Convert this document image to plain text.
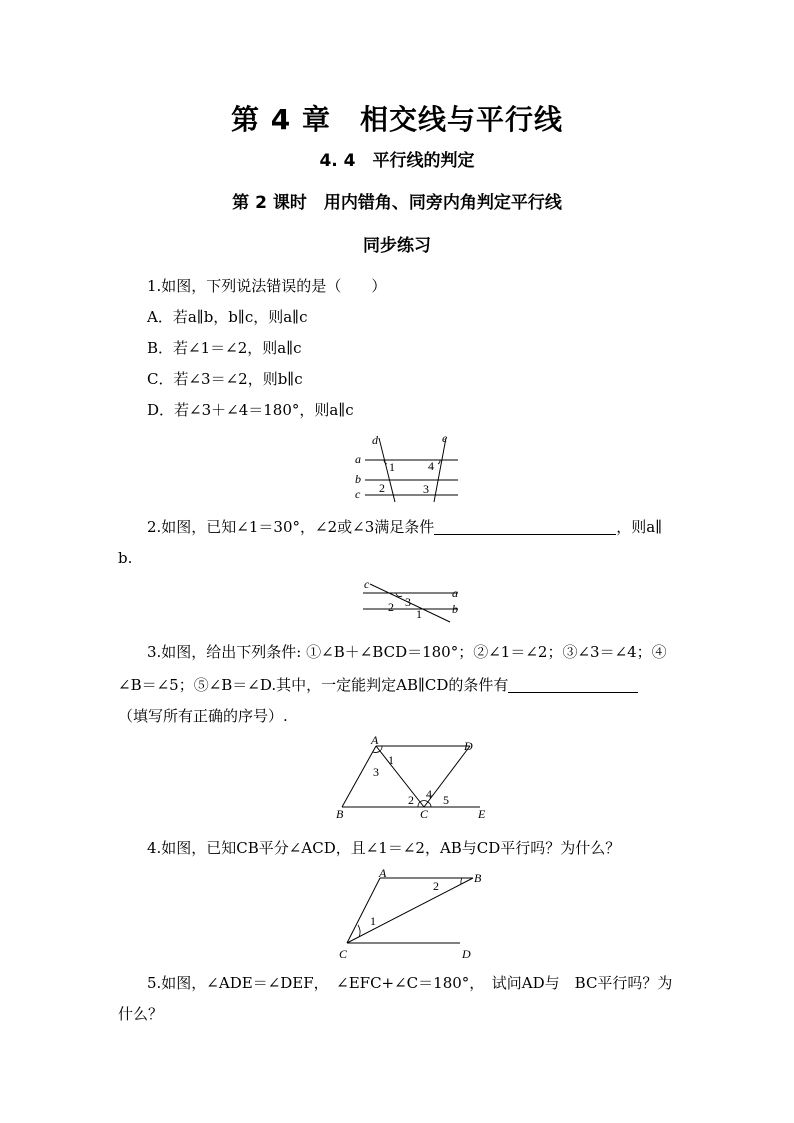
第 4 章　相交线与平行线
4. 4　平行线的判定
第 2 课时　用内错角、同旁内角判定平行线
同步练习
1.如图，下列说法错误的是（　　）
A．若a∥b，b∥c，则a∥c
B．若∠1＝∠2，则a∥c
C．若∠3＝∠2，则b∥c
D．若∠3＋∠4＝180°，则a∥c
d	e
a
b
c
1	4
2	3
2.如图，已知∠1＝30°，∠2或∠3满足条件	，则a∥
b.
c
a
b
3
2 1
3.如图，给出下列条件: ①∠B＋∠BCD＝180°；②∠1＝∠2；③∠3＝∠4；④
∠B＝∠5；⑤∠B＝∠D.其中，一定能判定AB∥CD的条件有
（填写所有正确的序号）.
A	D
B	C	E
1
3
2 4 5
4.如图，已知CB平分∠ACD，且∠1＝∠2，AB与CD平行吗？为什么？
A	B
C	D
1
2
5.如图，∠ADE＝∠DEF，　∠EFC+∠C＝180°，　试问AD与　BC平行吗？为
什么？
